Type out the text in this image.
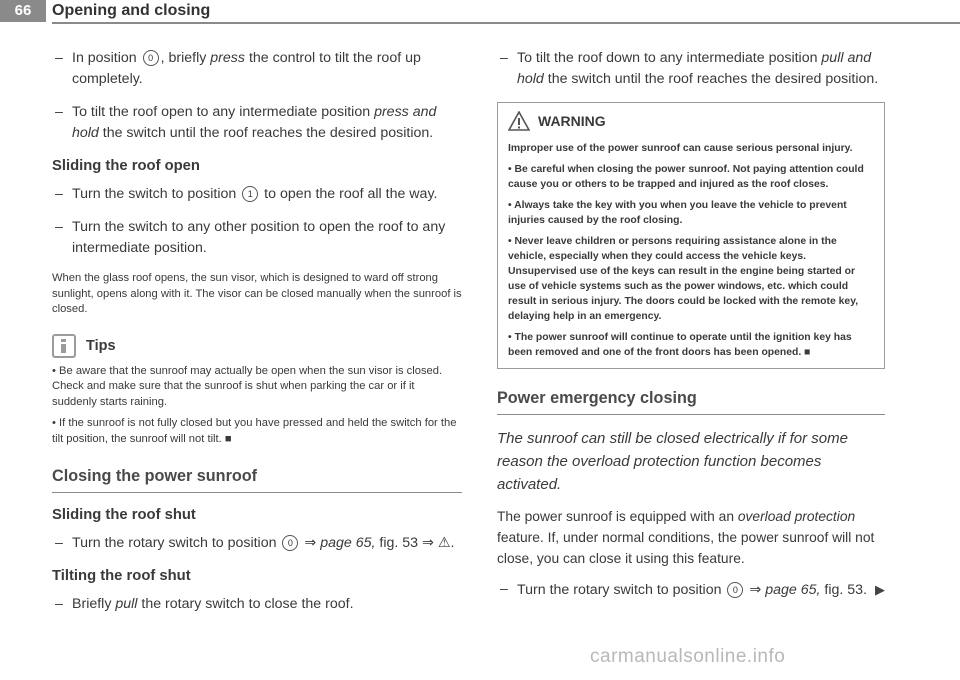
66	Opening and closing
– In position 0 , briefly press the control to tilt the roof up completely.
– To tilt the roof open to any intermediate position press and hold the switch until the roof reaches the desired position.
Sliding the roof open
– Turn the switch to position 1 to open the roof all the way.
– Turn the switch to any other position to open the roof to any intermediate position.
When the glass roof opens, the sun visor, which is designed to ward off strong sunlight, opens along with it. The visor can be closed manually when the sunroof is closed.
Tips
• Be aware that the sunroof may actually be open when the sun visor is closed. Check and make sure that the sunroof is shut when parking the car or if it suddenly starts raining.
• If the sunroof is not fully closed but you have pressed and held the switch for the tilt position, the sunroof will not tilt. ■
Closing the power sunroof
Sliding the roof shut
– Turn the rotary switch to position 0 ⇒ page 65, fig. 53 ⇒ ⚠.
Tilting the roof shut
– Briefly pull the rotary switch to close the roof.
– To tilt the roof down to any intermediate position pull and hold the switch until the roof reaches the desired position.
WARNING
Improper use of the power sunroof can cause serious personal injury.
• Be careful when closing the power sunroof. Not paying attention could cause you or others to be trapped and injured as the roof closes.
• Always take the key with you when you leave the vehicle to prevent injuries caused by the roof closing.
• Never leave children or persons requiring assistance alone in the vehicle, especially when they could access the vehicle keys. Unsupervised use of the keys can result in the engine being started or use of vehicle systems such as the power windows, etc. which could result in serious injury. The doors could be locked with the remote key, delaying help in an emergency.
• The power sunroof will continue to operate until the ignition key has been removed and one of the front doors has been opened. ■
Power emergency closing
The sunroof can still be closed electrically if for some reason the overload protection function becomes activated.
The power sunroof is equipped with an overload protection feature. If, under normal conditions, the power sunroof will not close, you can close it using this feature.
– Turn the rotary switch to position 0 ⇒ page 65, fig. 53. ▶
carmanualsonline.info
